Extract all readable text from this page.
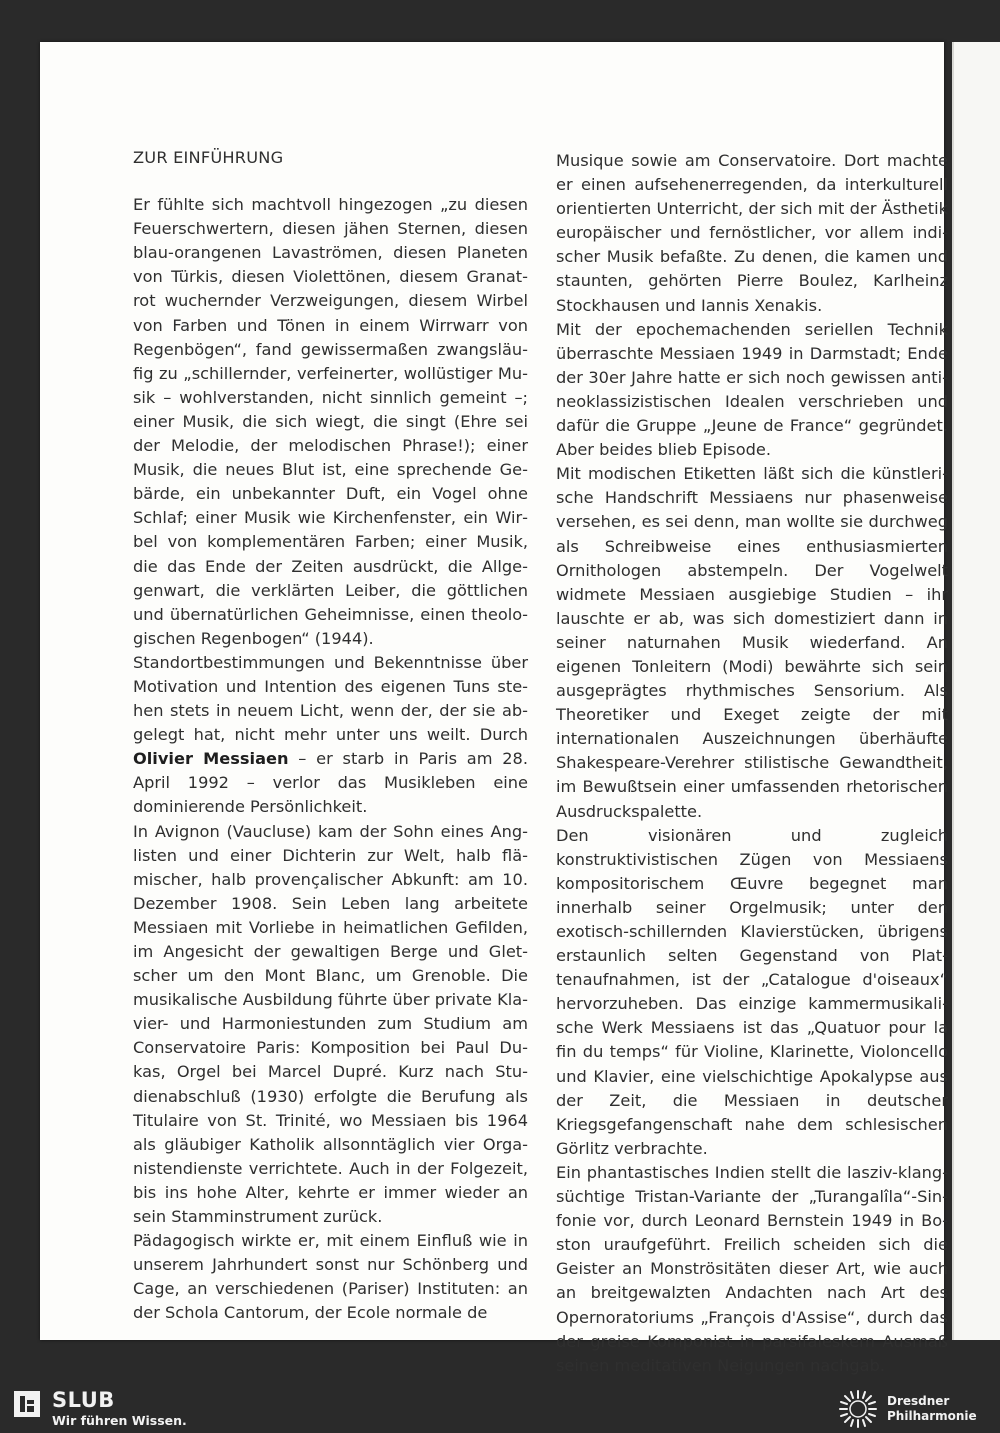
ZUR EINFÜHRUNG

Er fühlte sich machtvoll hingezogen „zu diesen Feuerschwertern, diesen jähen Sternen, diesen blau-orangenen Lavaströmen, diesen Planeten von Türkis, diesen Violettönen, diesem Granatrot wuchernder Verzweigungen, diesem Wirbel von Farben und Tönen in einem Wirrwarr von Regenbögen“, fand gewissermaßen zwangsläufig zu „schillernder, verfeinerter, wollüstiger Musik – wohlverstanden, nicht sinnlich gemeint –; einer Musik, die sich wiegt, die singt (Ehre sei der Melodie, der melodischen Phrase!); einer Musik, die neues Blut ist, eine sprechende Gebärde, ein unbekannter Duft, ein Vogel ohne Schlaf; einer Musik wie Kirchenfenster, ein Wirbel von komplementären Farben; einer Musik, die das Ende der Zeiten ausdrückt, die Allgegenwart, die verklärten Leiber, die göttlichen und übernatürlichen Geheimnisse, einen theologischen Regenbogen“ (1944).

Standortbestimmungen und Bekenntnisse über Motivation und Intention des eigenen Tuns stehen stets in neuem Licht, wenn der, der sie abgelegt hat, nicht mehr unter uns weilt. Durch Olivier Messiaen – er starb in Paris am 28. April 1992 – verlor das Musikleben eine dominierende Persönlichkeit.

In Avignon (Vaucluse) kam der Sohn eines Anglisten und einer Dichterin zur Welt, halb flämischer, halb provençalischer Abkunft: am 10. Dezember 1908. Sein Leben lang arbeitete Messiaen mit Vorliebe in heimatlichen Gefilden, im Angesicht der gewaltigen Berge und Gletscher um den Mont Blanc, um Grenoble. Die musikalische Ausbildung führte über private Klavier- und Harmoniestunden zum Studium am Conservatoire Paris: Komposition bei Paul Dukas, Orgel bei Marcel Dupré. Kurz nach Studienabschluß (1930) erfolgte die Berufung als Titulaire von St. Trinité, wo Messiaen bis 1964 als gläubiger Katholik allsonntäglich vier Organistendienste verrichtete. Auch in der Folgezeit, bis ins hohe Alter, kehrte er immer wieder an sein Stamminstrument zurück.

Pädagogisch wirkte er, mit einem Einfluß wie in unserem Jahrhundert sonst nur Schönberg und Cage, an verschiedenen (Pariser) Instituten: an der Schola Cantorum, der Ecole normale de

Musique sowie am Conservatoire. Dort machte er einen aufsehenerregenden, da interkulturell orientierten Unterricht, der sich mit der Ästhetik europäischer und fernöstlicher, vor allem indischer Musik befaßte. Zu denen, die kamen und staunten, gehörten Pierre Boulez, Karlheinz Stockhausen und Iannis Xenakis.

Mit der epochemachenden seriellen Technik überraschte Messiaen 1949 in Darmstadt; Ende der 30er Jahre hatte er sich noch gewissen antineoklassizistischen Idealen verschrieben und dafür die Gruppe „Jeune de France“ gegründet. Aber beides blieb Episode.

Mit modischen Etiketten läßt sich die künstlerische Handschrift Messiaens nur phasenweise versehen, es sei denn, man wollte sie durchweg als Schreibweise eines enthusiasmierten Ornithologen abstempeln. Der Vogelwelt widmete Messiaen ausgiebige Studien – ihr lauschte er ab, was sich domestiziert dann in seiner naturnahen Musik wiederfand. An eigenen Tonleitern (Modi) bewährte sich sein ausgeprägtes rhythmisches Sensorium. Als Theoretiker und Exeget zeigte der mit internationalen Auszeichnungen überhäufte Shakespeare-Verehrer stilistische Gewandtheit, im Bewußtsein einer umfassenden rhetorischen Ausdruckspalette.

Den visionären und zugleich konstruktivistischen Zügen von Messiaens kompositorischem Œuvre begegnet man innerhalb seiner Orgelmusik; unter den exotisch-schillernden Klavierstücken, übrigens erstaunlich selten Gegenstand von Plattenaufnahmen, ist der „Catalogue d'oiseaux“ hervorzuheben. Das einzige kammermusikalische Werk Messiaens ist das „Quatuor pour la fin du temps“ für Violine, Klarinette, Violoncello und Klavier, eine vielschichtige Apokalypse aus der Zeit, die Messiaen in deutscher Kriegsgefangenschaft nahe dem schlesischen Görlitz verbrachte.

Ein phantastisches Indien stellt die lasziv-klangsüchtige Tristan-Variante der „Turangalîla“-Sinfonie vor, durch Leonard Bernstein 1949 in Boston uraufgeführt. Freilich scheiden sich die Geister an Monströsitäten dieser Art, wie auch an breitgewalzten Andachten nach Art des Opernoratoriums „François d'Assise“, durch das der greise Komponist in parsifaleskem Ausmaß seinen meditativen Neigungen nachgab.

SLUB
Wir führen Wissen.
Dresdner
Philharmonie
